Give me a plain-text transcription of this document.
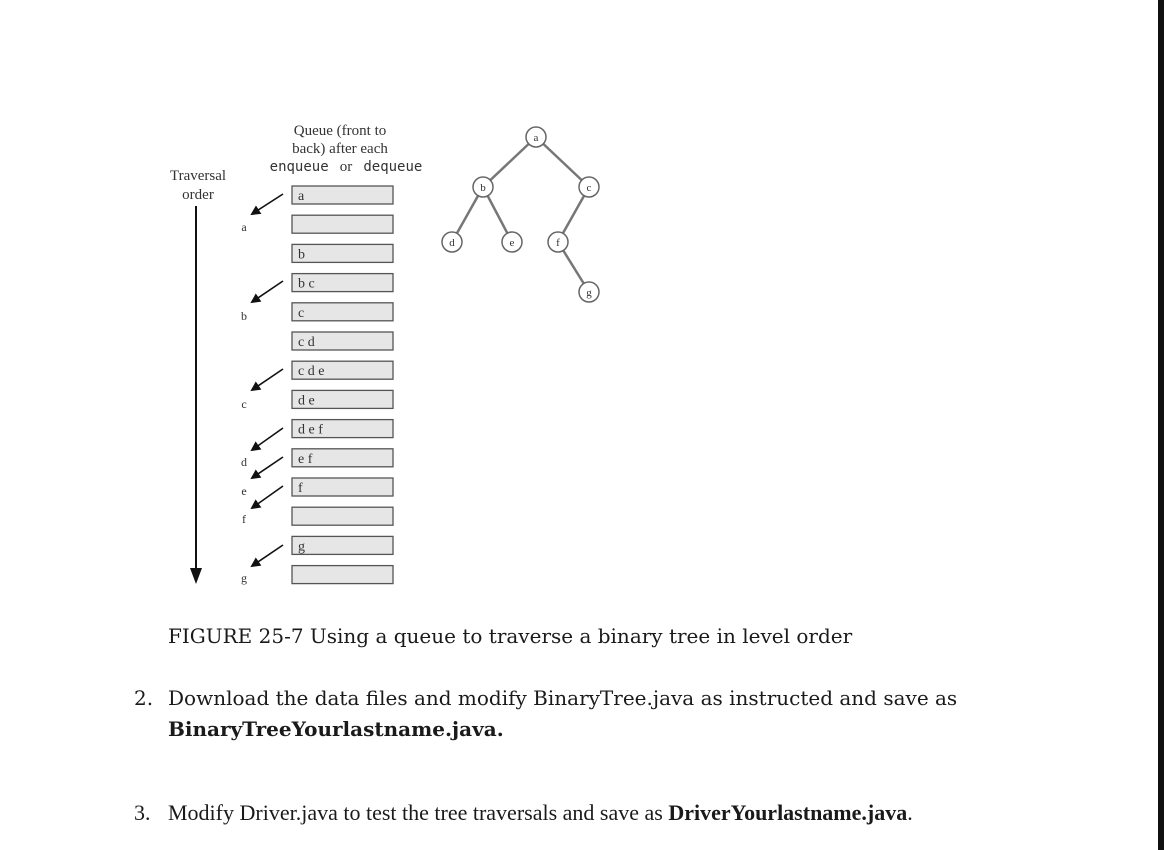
Queue (front to
back) after each
enqueue or dequeue
Traversal
order	a
b
b c
c
c d
c d e
d e
d e f
e f
f
g
a
b
c
d
e
f
g
a
b	c
d	e	f
g
FIGURE 25-7 Using a queue to traverse a binary tree in level order
2. Download the data files and modify BinaryTree.java as instructed and save as
BinaryTreeYourlastname.java.
3. Modify Driver.java to test the tree traversals and save as DriverYourlastname.java.
